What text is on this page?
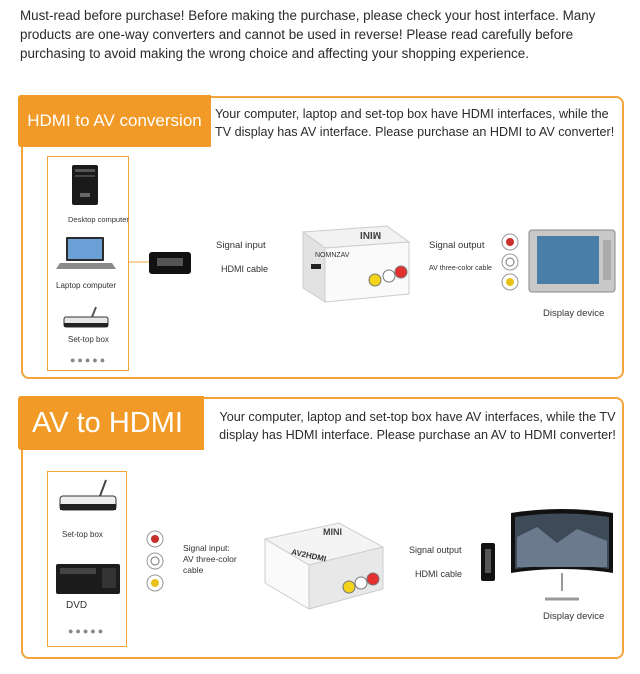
Must-read before purchase! Before making the purchase, please check your host interface. Many products are one-way converters and cannot be used in reverse! Please read carefully before purchasing to avoid making the wrong choice and affecting your shopping experience.
HDMI to AV conversion	Your computer, laptop and set-top box have HDMI interfaces, while the TV display has AV interface. Please purchase an HDMI to AV converter!
Desktop computer
Laptop computer
Set-top box
●●●●●
Signal input
HDMI cable
MINI
NOMNZAV
Signal output
AV three-color cable
Display device
AV to HDMI	Your computer, laptop and set-top box have AV interfaces, while the TV display has HDMI interface. Please purchase an AV to HDMI converter!
Set-top box
DVD
●●●●●
Signal input:
AV three-color
cable
MINI
AV2HDMI	Signal output
HDMI cable
Display device
